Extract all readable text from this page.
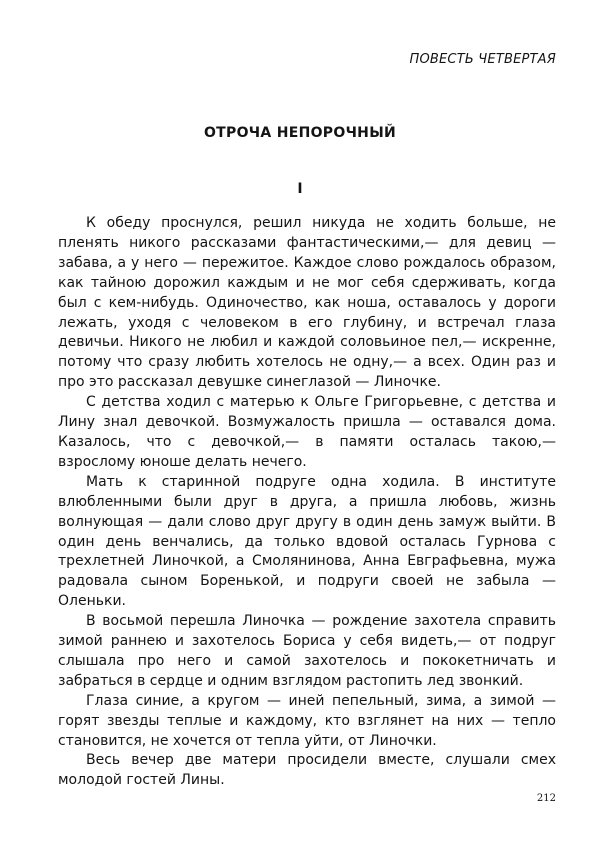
ПОВЕСТЬ ЧЕТВЕРТАЯ
ОТРОЧА НЕПОРОЧНЫЙ
I

К обеду проснулся, решил никуда не ходить больше, не пленять никого рассказами фантастическими,— для девиц — забава, а у него — пережитое. Каждое слово рождалось образом, как тайною дорожил каждым и не мог себя сдерживать, когда был с кем-нибудь. Одиночество, как ноша, оставалось у дороги лежать, уходя с человеком в его глубину, и встречал глаза девичьи. Никого не любил и каждой соловьиное пел,— искренне, потому что сразу любить хотелось не одну,— а всех. Один раз и про это рассказал девушке синеглазой — Линочке.

С детства ходил с матерью к Ольге Григорьевне, с детства и Лину знал девочкой. Возмужалость пришла — оставался дома. Казалось, что с девочкой,— в памяти осталась такою,— взрослому юноше делать нечего.

Мать к старинной подруге одна ходила. В институте влюбленными были друг в друга, а пришла любовь, жизнь волнующая — дали слово друг другу в один день замуж выйти. В один день венчались, да только вдовой осталась Гурнова с трехлетней Линочкой, а Смолянинова, Анна Евграфьевна, мужа радовала сыном Боренькой, и подруги своей не забыла — Оленьки.

В восьмой перешла Линочка — рождение захотела справить зимой раннею и захотелось Бориса у себя видеть,— от подруг слышала про него и самой захотелось и пококетничать и забраться в сердце и одним взглядом растопить лед звонкий.

Глаза синие, а кругом — иней пепельный, зима, а зимой — горят звезды теплые и каждому, кто взглянет на них — тепло становится, не хочется от тепла уйти, от Линочки.

Весь вечер две матери просидели вместе, слушали смех молодой гостей Лины.

212
